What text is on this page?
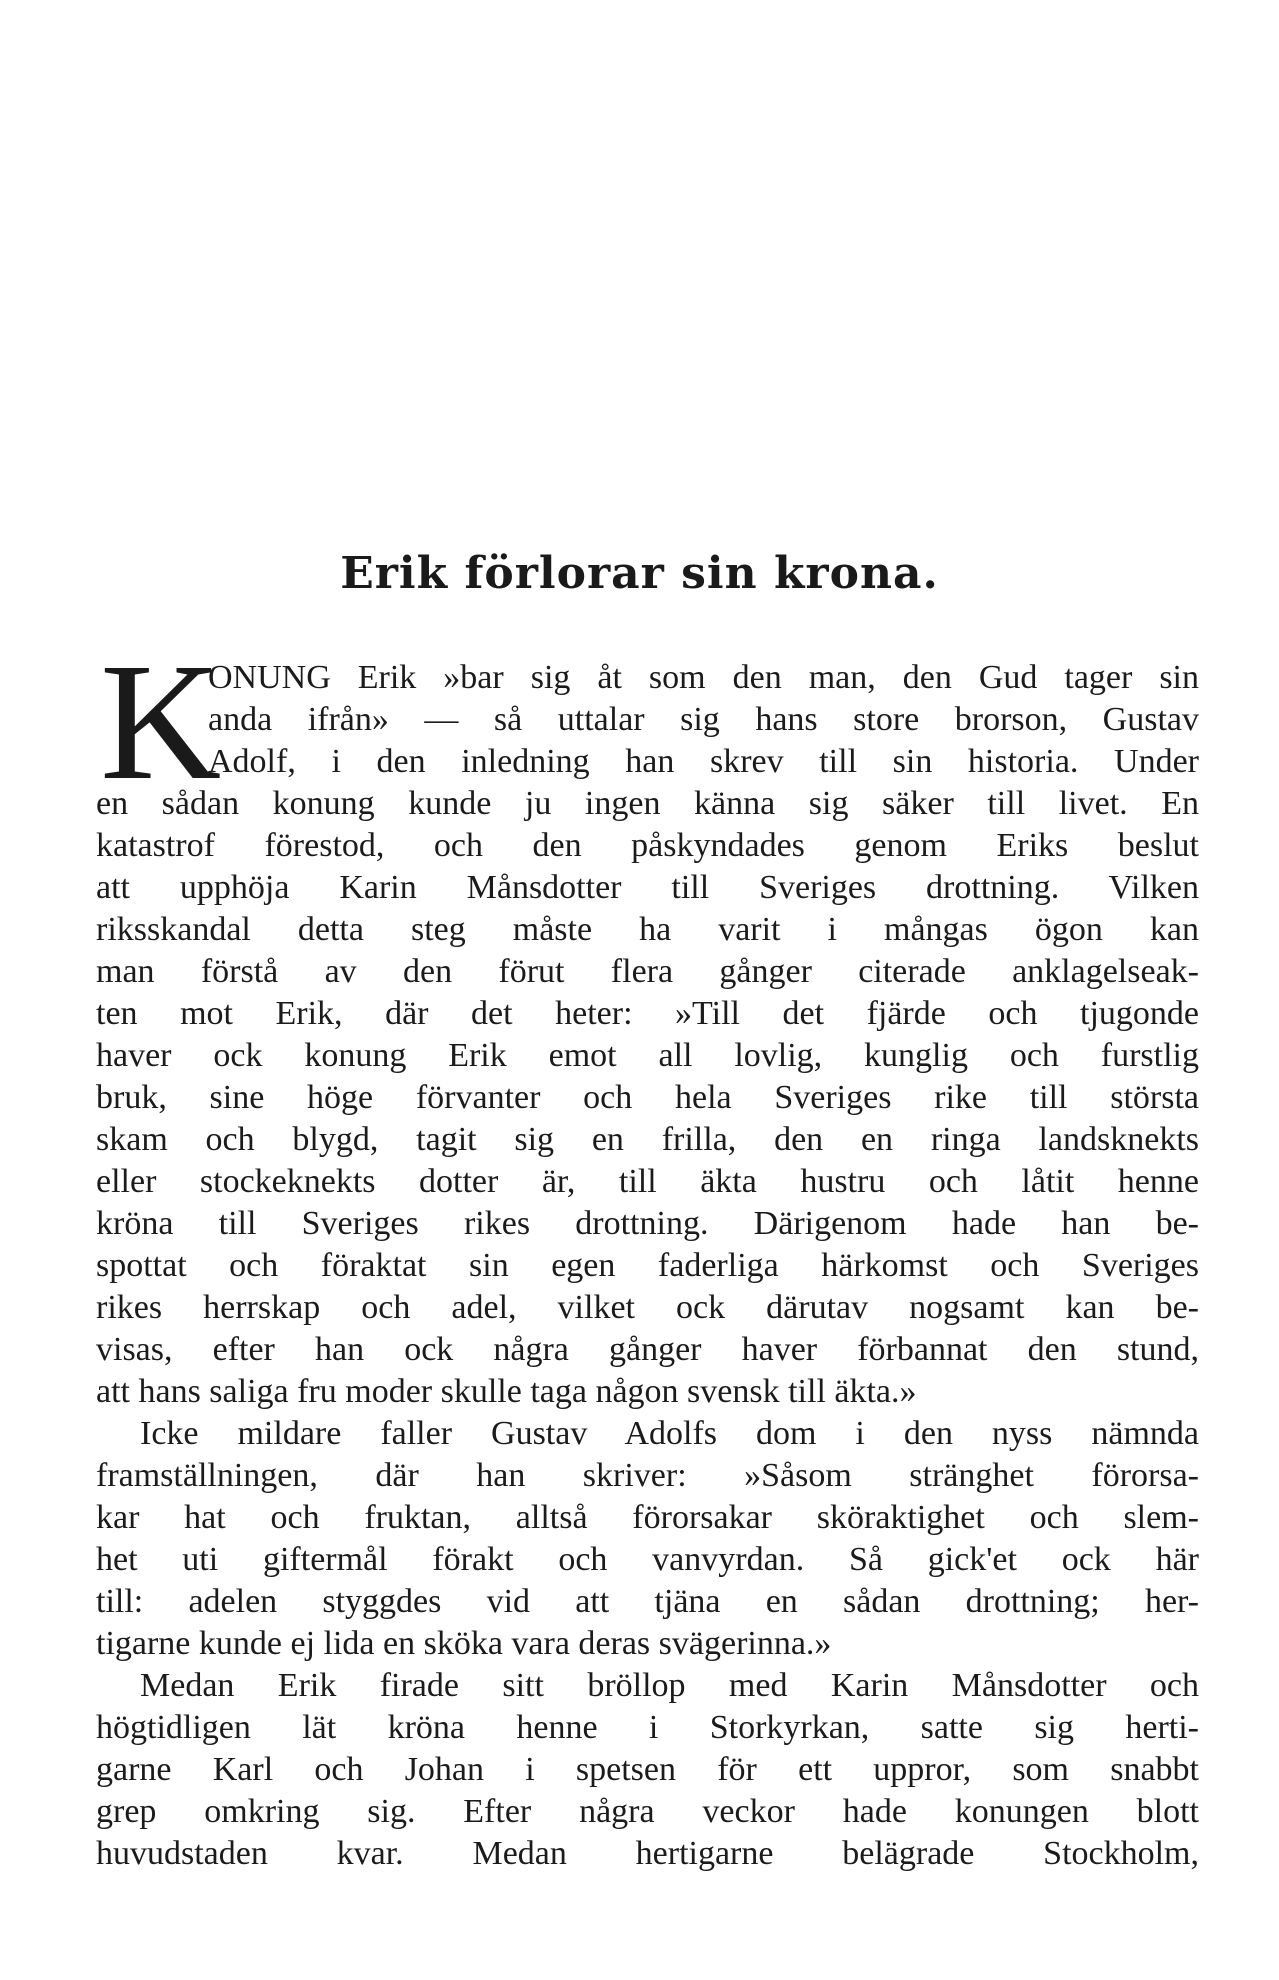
Erik förlorar sin krona.
K
ONUNG Erik »bar sig åt som den man, den Gud tager sin
anda ifrån» — så uttalar sig hans store brorson, Gustav
Adolf, i den inledning han skrev till sin historia. Under
en sådan konung kunde ju ingen känna sig säker till livet. En
katastrof förestod, och den påskyndades genom Eriks beslut
att upphöja Karin Månsdotter till Sveriges drottning. Vilken
riksskandal detta steg måste ha varit i mångas ögon kan
man förstå av den förut flera gånger citerade anklagelseak-
ten mot Erik, där det heter: »Till det fjärde och tjugonde
haver ock konung Erik emot all lovlig, kunglig och furstlig
bruk, sine höge förvanter och hela Sveriges rike till största
skam och blygd, tagit sig en frilla, den en ringa landsknekts
eller stockeknekts dotter är, till äkta hustru och låtit henne
kröna till Sveriges rikes drottning. Därigenom hade han be-
spottat och föraktat sin egen faderliga härkomst och Sveriges
rikes herrskap och adel, vilket ock därutav nogsamt kan be-
visas, efter han ock några gånger haver förbannat den stund,
att hans saliga fru moder skulle taga någon svensk till äkta.»
Icke mildare faller Gustav Adolfs dom i den nyss nämnda
framställningen, där han skriver: »Såsom stränghet förorsa-
kar hat och fruktan, alltså förorsakar sköraktighet och slem-
het uti giftermål förakt och vanvyrdan. Så gick'et ock här
till: adelen styggdes vid att tjäna en sådan drottning; her-
tigarne kunde ej lida en sköka vara deras svägerinna.»
Medan Erik firade sitt bröllop med Karin Månsdotter och
högtidligen lät kröna henne i Storkyrkan, satte sig herti-
garne Karl och Johan i spetsen för ett uppror, som snabbt
grep omkring sig. Efter några veckor hade konungen blott
huvudstaden kvar. Medan hertigarne belägrade Stockholm,
